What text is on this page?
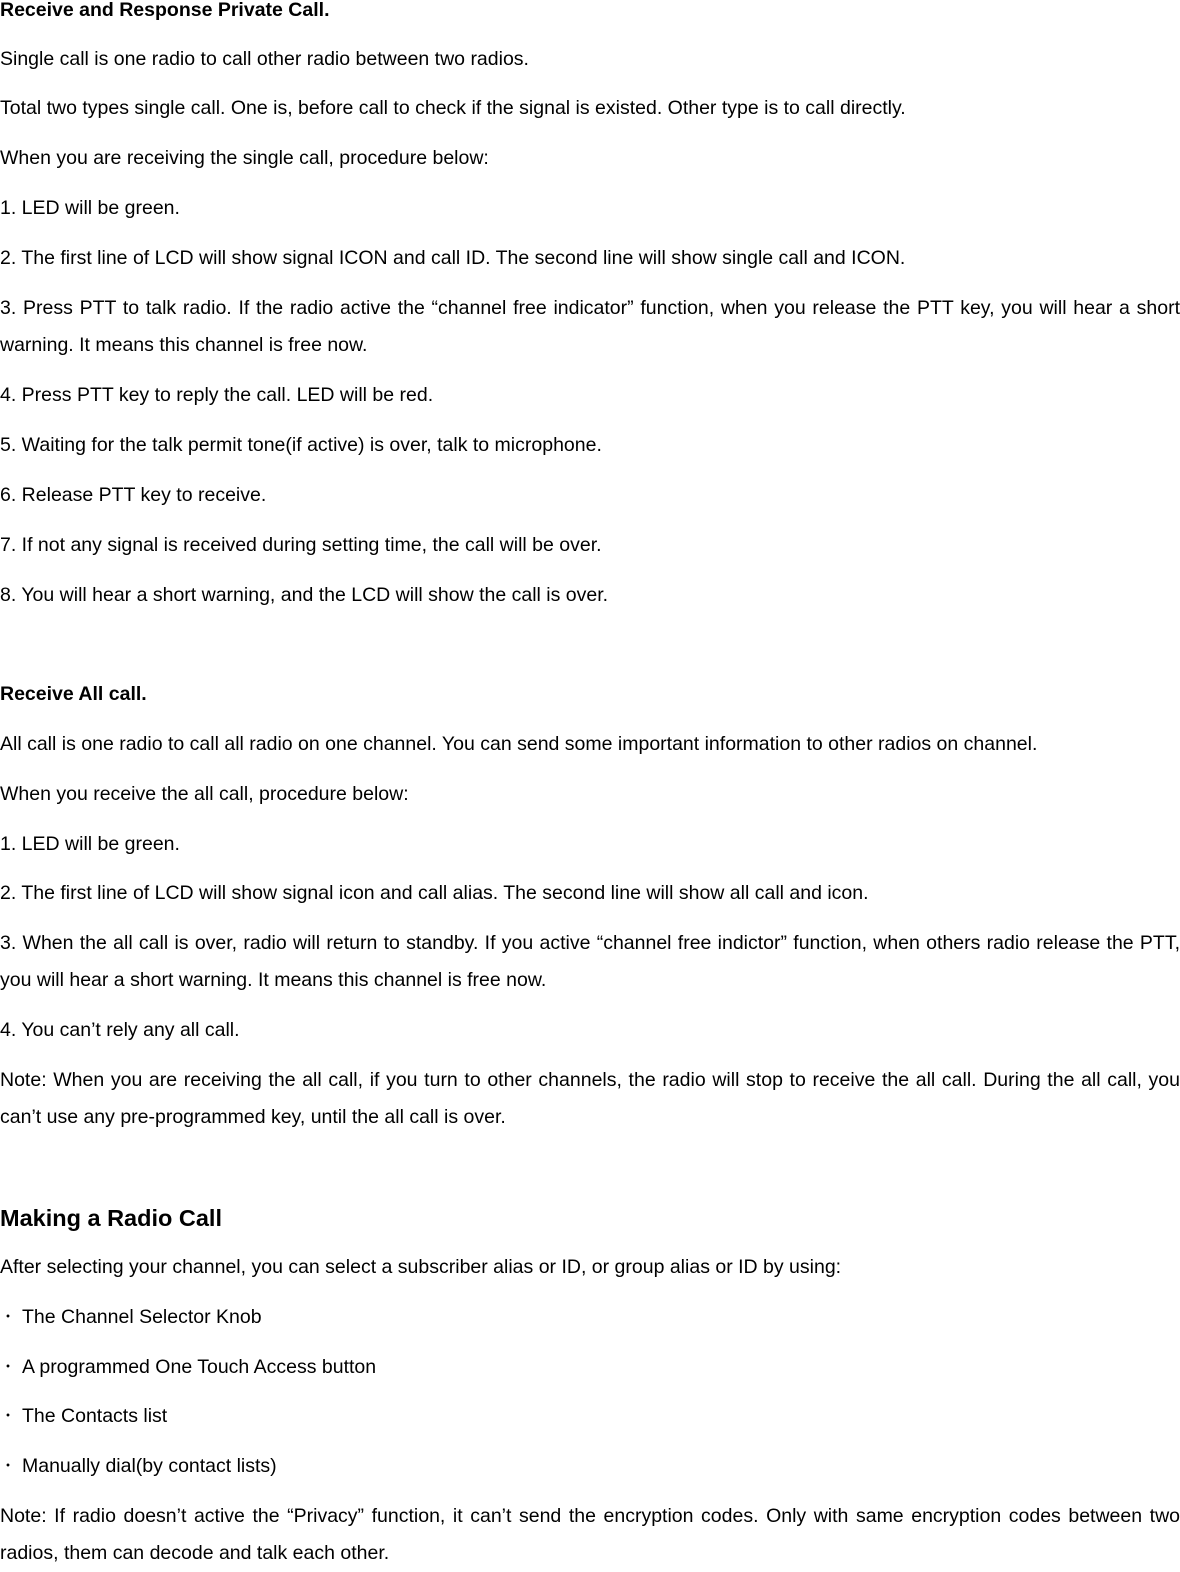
Receive and Response Private Call.
Single call is one radio to call other radio between two radios.
Total two types single call. One is, before call to check if the signal is existed. Other type is to call directly.
When you are receiving the single call, procedure below:
1. LED will be green.
2. The first line of LCD will show signal ICON and call ID. The second line will show single call and ICON.
3. Press PTT to talk radio. If the radio active the “channel free indicator” function, when you release the PTT key, you will hear a short warning. It means this channel is free now.
4. Press PTT key to reply the call. LED will be red.
5. Waiting for the talk permit tone(if active) is over, talk to microphone.
6. Release PTT key to receive.
7. If not any signal is received during setting time, the call will be over.
8. You will hear a short warning, and the LCD will show the call is over.
Receive All call.
All call is one radio to call all radio on one channel. You can send some important information to other radios on channel.
When you receive the all call, procedure below:
1. LED will be green.
2. The first line of LCD will show signal icon and call alias. The second line will show all call and icon.
3. When the all call is over, radio will return to standby. If you active “channel free indictor” function, when others radio release the PTT, you will hear a short warning. It means this channel is free now.
4. You can’t rely any all call.
Note: When you are receiving the all call, if you turn to other channels, the radio will stop to receive the all call. During the all call, you can’t use any pre-programmed key, until the all call is over.
Making a Radio Call
After selecting your channel, you can select a subscriber alias or ID, or group alias or ID by using:
・ The Channel Selector Knob
・ A programmed One Touch Access button
・ The Contacts list
・ Manually dial(by contact lists)
Note: If radio doesn’t active the “Privacy” function, it can’t send the encryption codes. Only with same encryption codes between two radios, them can decode and talk each other.
